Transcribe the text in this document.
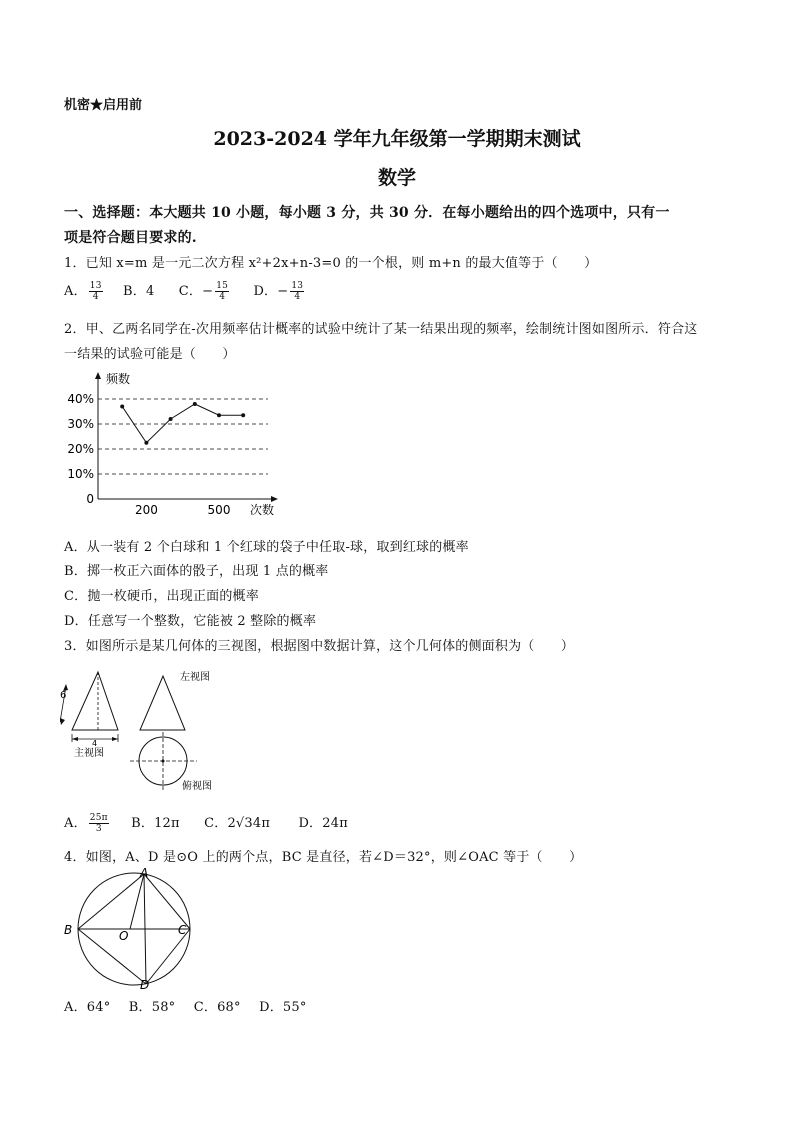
机密★启用前
2023-2024 学年九年级第一学期期末测试
数学
一、选择题：本大题共 10 小题，每小题 3 分，共 30 分．在每小题给出的四个选项中，只有一
项是符合题目要求的.
1．已知 x=m 是一元二次方程 x²+2x+n-3=0 的一个根，则 m+n 的最大值等于（　　）
A． $\frac{13}{4}$ B．4 C．− $\frac{15}{4}$ D．− $\frac{13}{4}$
2．甲、乙两名同学在-次用频率估计概率的试验中统计了某一结果出现的频率，绘制统计图如图所示．符合这
一结果的试验可能是（　　）
频数
次数
0
10%
20%
30%
40%
200	500
A．从一装有 2 个白球和 1 个红球的袋子中任取-球，取到红球的概率
B．掷一枚正六面体的骰子，出现 1 点的概率
C．抛一枚硬币，出现正面的概率
D．任意写一个整数，它能被 2 整除的概率
3．如图所示是某几何体的三视图，根据图中数据计算，这个几何体的侧面积为（　　）
6
4
主视图
左视图
俯视图
A． $\frac{25\pi}{3}$ B．12π C．2√34π D．24π
4．如图，A、D 是⊙O 上的两个点，BC 是直径，若∠D＝32°，则∠OAC 等于（　　）
A
B	O	C
D
A．64° B．58° C．68° D．55°
